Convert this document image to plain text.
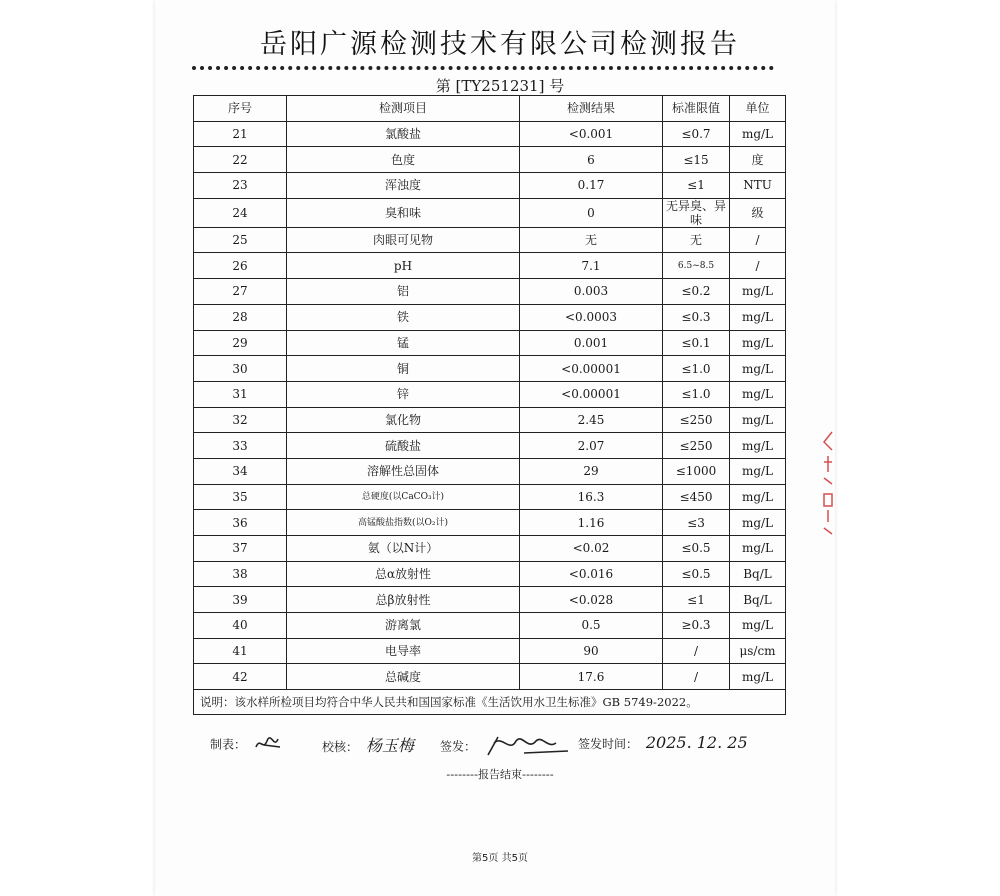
岳阳广源检测技术有限公司检测报告
第 [TY251231] 号
序号	检测项目	检测结果	标准限值	单位
21	氯酸盐	<0.001	≤0.7	mg/L
22	色度	6	≤15	度
23	浑浊度	0.17	≤1	NTU
24	臭和味	0	无异臭、异味	级
25	肉眼可见物	无	无	/
26	pH	7.1	6.5~8.5	/
27	铝	0.003	≤0.2	mg/L
28	铁	<0.0003	≤0.3	mg/L
29	锰	0.001	≤0.1	mg/L
30	铜	<0.00001	≤1.0	mg/L
31	锌	<0.00001	≤1.0	mg/L
32	氯化物	2.45	≤250	mg/L
33	硫酸盐	2.07	≤250	mg/L
34	溶解性总固体	29	≤1000	mg/L
35	总硬度(以CaCO₃计)	16.3	≤450	mg/L
36	高锰酸盐指数(以O₂计)	1.16	≤3	mg/L
37	氨（以N计）	<0.02	≤0.5	mg/L
38	总α放射性	<0.016	≤0.5	Bq/L
39	总β放射性	<0.028	≤1	Bq/L
40	游离氯	0.5	≥0.3	mg/L
41	电导率	90	/	μs/cm
42	总碱度	17.6	/	mg/L
说明：该水样所检项目均符合中华人民共和国国家标准《生活饮用水卫生标准》GB 5749-2022。				
制表：	校核： 杨玉梅 签发：	签发时间： 2025. 12. 25
--------报告结束--------
第5页 共5页
